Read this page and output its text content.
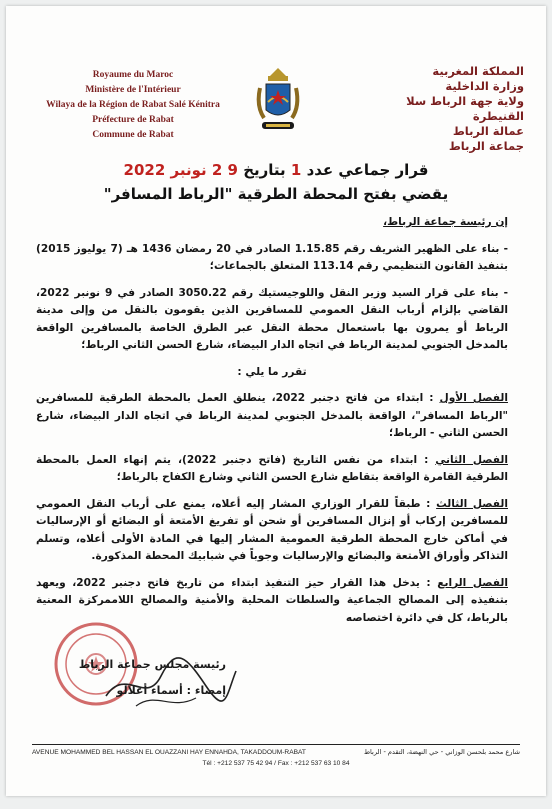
Royaume du Maroc
Ministère de l'Intérieur
Wilaya de la Région de Rabat Salé Kénitra
Préfecture de Rabat
Commune de Rabat
المملكة المغربية
وزارة الداخلية
ولاية جهة الرباط سلا القنيطرة
عمالة الرباط
جماعة الرباط
قرار جماعي عدد 1 بتاريخ 9 2 نونبر 2022
يقضي بفتح المحطة الطرقية "الرباط المسافر"

إن رئيسة جماعة الرباط،

- بناء على الظهير الشريف رقم 1.15.85 الصادر في 20 رمضان 1436 هـ (7 يوليوز 2015) بتنفيذ القانون التنظيمي رقم 113.14 المتعلق بالجماعات؛

- بناء على قرار السيد وزير النقل واللوجيستيك رقم 3050.22 الصادر في 9 نونبر 2022، القاضي بإلزام أرباب النقل العمومي للمسافرين الذين يقومون بالنقل من وإلى مدينة الرباط أو يمرون بها باستعمال محطة النقل عبر الطرق الخاصة بالمسافرين الواقعة بالمدخل الجنوبي لمدينة الرباط في اتجاه الدار البيضاء، شارع الحسن الثاني الرباط؛

تقرر ما يلي :

الفصل الأول : ابتداء من فاتح دجنبر 2022، ينطلق العمل بالمحطة الطرقية للمسافرين "الرباط المسافر"، الواقعة بالمدخل الجنوبي لمدينة الرباط في اتجاه الدار البيضاء، شارع الحسن الثاني - الرباط؛

الفصل الثاني : ابتداء من نفس التاريخ (فاتح دجنبر 2022)، يتم إنهاء العمل بالمحطة الطرقية القامرة الواقعة بتقاطع شارع الحسن الثاني وشارع الكفاح بالرباط؛

الفصل الثالث : طبقاً للقرار الوزاري المشار إليه أعلاه، يمنع على أرباب النقل العمومي للمسافرين إركاب أو إنزال المسافرين أو شحن أو تفريغ الأمتعة أو البضائع أو الإرساليات في أماكن خارج المحطة الطرقية العمومية المشار إليها في المادة الأولى أعلاه، وتسلم التذاكر وأوراق الأمتعة والبضائع والإرساليات وجوباً في شبابيك المحطة المذكورة.

الفصل الرابع : يدخل هذا القرار حيز التنفيذ ابتداء من تاريخ فاتح دجنبر 2022، ويعهد بتنفيذه إلى المصالح الجماعية والسلطات المحلية والأمنية والمصالح اللاممركزة المعنية بالرباط، كل في دائرة اختصاصه

رئيسة مجلس جماعة الرباط
إمضاء : أسماء أغلالو
AVENUE MOHAMMED BEL HASSAN EL OUAZZANI HAY ENNAHDA, TAKADDOUM-RABAT	شارع محمد بلحسن الوزاني - حي النهضة، التقدم - الرباط
Tél : +212 537 75 42 94 / Fax : +212 537 63 10 84
